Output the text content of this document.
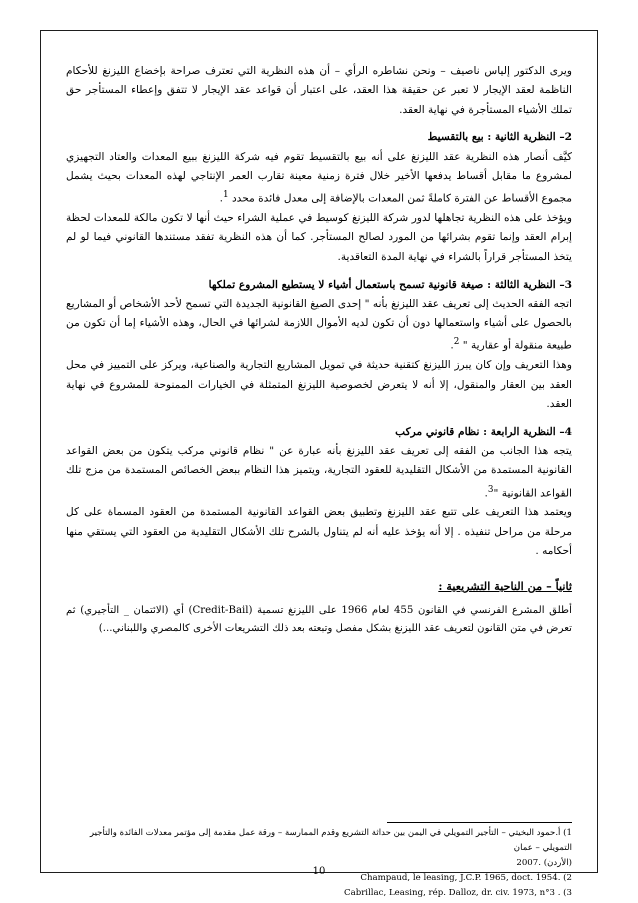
ويرى الدكتور إلياس ناصيف – ونحن نشاطره الرأي – أن هذه النظرية التي تعترف صراحة بإخضاع الليزنغ للأحكام الناظمة لعقد الإيجار لا تعبر عن حقيقة هذا العقد، على اعتبار أن قواعد عقد الإيجار لا تتفق وإعطاء المستأجر حق تملك الأشياء المستأجرة في نهاية العقد.

2– النظرية الثانية : بيع بالتقسيط

كيَّف أنصار هذه النظرية عقد الليزنغ على أنه بيع بالتقسيط تقوم فيه شركة الليزنغ ببيع المعدات والعتاد التجهيزي لمشروع ما مقابل أقساط يدفعها الأخير خلال فترة زمنية معينة تقارب العمر الإنتاجي لهذه المعدات بحيث يشمل مجموع الأقساط عن الفترة كاملةً ثمن المعدات بالإضافة إلى معدل فائدة محدد $^1$.

ويؤخذ على هذه النظرية تجاهلها لدور شركة الليزنغ كوسيط في عملية الشراء حيث أنها لا تكون مالكة للمعدات لحظة إبرام العقد وإنما تقوم بشرائها من المورد لصالح المستأجر. كما أن هذه النظرية تفقد مستندها القانوني فيما لو لم يتخذ المستأجر قراراً بالشراء في نهاية المدة التعاقدية.

3– النظرية الثالثة : صيغة قانونية تسمح باستعمال أشياء لا يستطيع المشروع تملكها

اتجه الفقه الحديث إلى تعريف عقد الليزنغ بأنه " إحدى الصيغ القانونية الجديدة التي تسمح لأحد الأشخاص أو المشاريع بالحصول على أشياء واستعمالها دون أن تكون لديه الأموال اللازمة لشرائها في الحال، وهذه الأشياء إما أن تكون من طبيعة منقولة أو عقارية " $^2$.

وهذا التعريف وإن كان يبرز الليزنغ كتقنية حديثة في تمويل المشاريع التجارية والصناعية، ويركز على التمييز في محل العقد بين العقار والمنقول، إلا أنه لا يتعرض لخصوصية الليزنغ المتمثلة في الخيارات الممنوحة للمشروع في نهاية العقد.

4– النظرية الرابعة : نظام قانوني مركب

يتجه هذا الجانب من الفقه إلى تعريف عقد الليزنغ بأنه عبارة عن " نظام قانوني مركب يتكون من بعض القواعد القانونية المستمدة من الأشكال التقليدية للعقود التجارية، ويتميز هذا النظام ببعض الخصائص المستمدة من مزج تلك القواعد القانونية "$^3$.

ويعتمد هذا التعريف على تتبع عقد الليزنغ وتطبيق بعض القواعد القانونية المستمدة من العقود المسماة على كل مرحلة من مراحل تنفيذه . إلا أنه يؤخذ عليه أنه لم يتناول بالشرح تلك الأشكال التقليدية من العقود التي يستقي منها أحكامه .

ثانياً – من الناحية التشريعية :

أطلق المشرع الفرنسي في القانون 455 لعام 1966 على الليزنغ تسمية (Credit-Bail) أي (الائتمان _ التأجيري) ثم تعرض في متن القانون لتعريف عقد الليزنغ بشكل مفصل وتبعته بعد ذلك التشريعات الأخرى كالمصري واللبناني...)

1) أ.حمود البخيتي – التأجير التمويلي في اليمن بين حداثة التشريع وقدم الممارسة – ورقة عمل مقدمة إلى مؤتمر معدلات الفائدة والتأجير التمويلي – عمان

(الأردن) .2007

Champaud, le leasing, J.C.P. 1965, doct. 1954. (2

Cabrillac, Leasing, rép. Dalloz, dr. civ. 1973, n°3 . (3

10
